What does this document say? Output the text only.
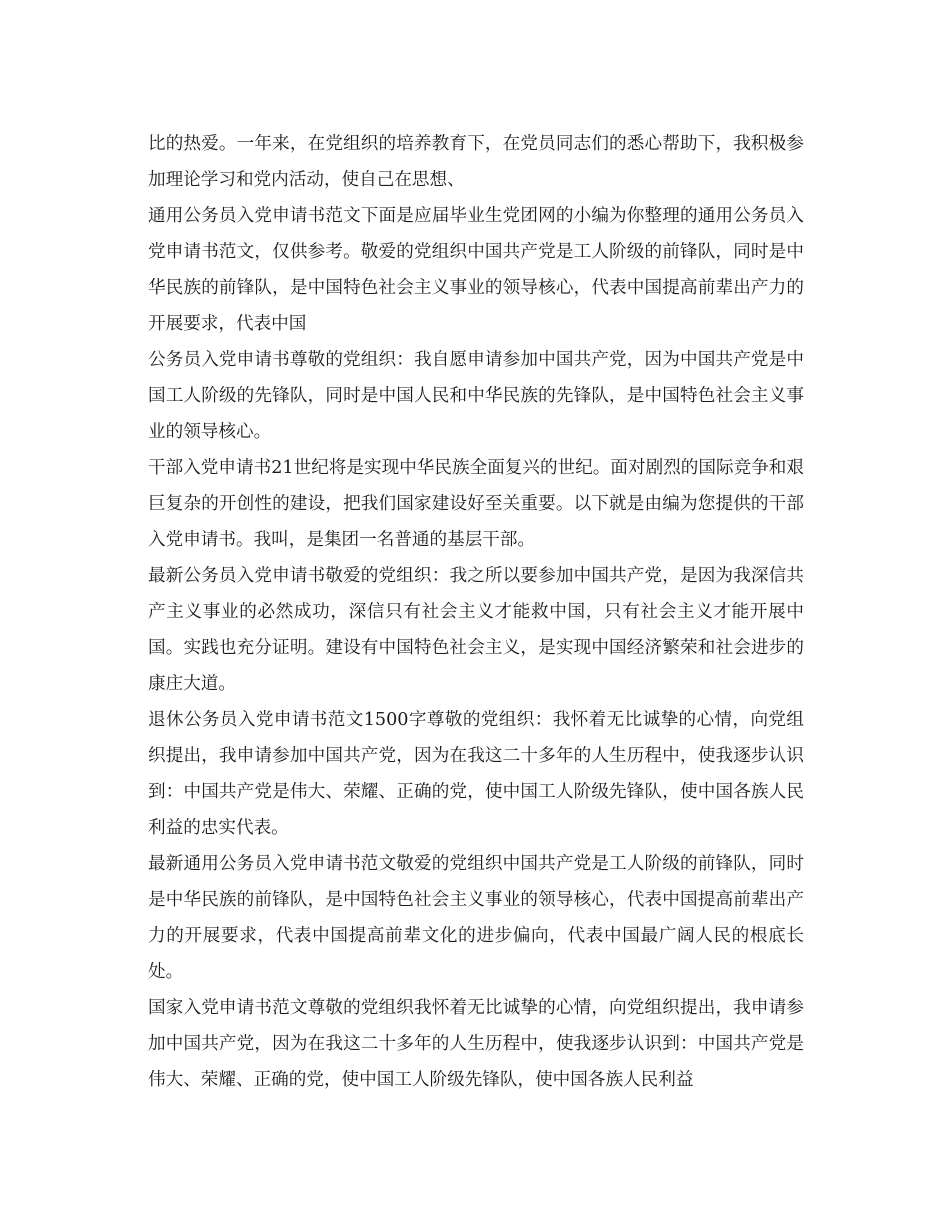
比的热爱。一年来，在党组织的培养教育下，在党员同志们的悉心帮助下，我积极参加理论学习和党内活动，使自己在思想、

通用公务员入党申请书范文下面是应届毕业生党团网的小编为你整理的通用公务员入党申请书范文，仅供参考。敬爱的党组织中国共产党是工人阶级的前锋队，同时是中华民族的前锋队，是中国特色社会主义事业的领导核心，代表中国提高前辈出产力的开展要求，代表中国

公务员入党申请书尊敬的党组织：我自愿申请参加中国共产党，因为中国共产党是中国工人阶级的先锋队，同时是中国人民和中华民族的先锋队，是中国特色社会主义事业的领导核心。

干部入党申请书21世纪将是实现中华民族全面复兴的世纪。面对剧烈的国际竞争和艰巨复杂的开创性的建设，把我们国家建设好至关重要。以下就是由编为您提供的干部入党申请书。我叫，是集团一名普通的基层干部。

最新公务员入党申请书敬爱的党组织：我之所以要参加中国共产党，是因为我深信共产主义事业的必然成功，深信只有社会主义才能救中国，只有社会主义才能开展中国。实践也充分证明。建设有中国特色社会主义，是实现中国经济繁荣和社会进步的康庄大道。

退休公务员入党申请书范文1500字尊敬的党组织：我怀着无比诚挚的心情，向党组织提出，我申请参加中国共产党，因为在我这二十多年的人生历程中，使我逐步认识到：中国共产党是伟大、荣耀、正确的党，使中国工人阶级先锋队，使中国各族人民利益的忠实代表。

最新通用公务员入党申请书范文敬爱的党组织中国共产党是工人阶级的前锋队，同时是中华民族的前锋队，是中国特色社会主义事业的领导核心，代表中国提高前辈出产力的开展要求，代表中国提高前辈文化的进步偏向，代表中国最广阔人民的根底长处。

国家入党申请书范文尊敬的党组织我怀着无比诚挚的心情，向党组织提出，我申请参加中国共产党，因为在我这二十多年的人生历程中，使我逐步认识到：中国共产党是伟大、荣耀、正确的党，使中国工人阶级先锋队，使中国各族人民利益
